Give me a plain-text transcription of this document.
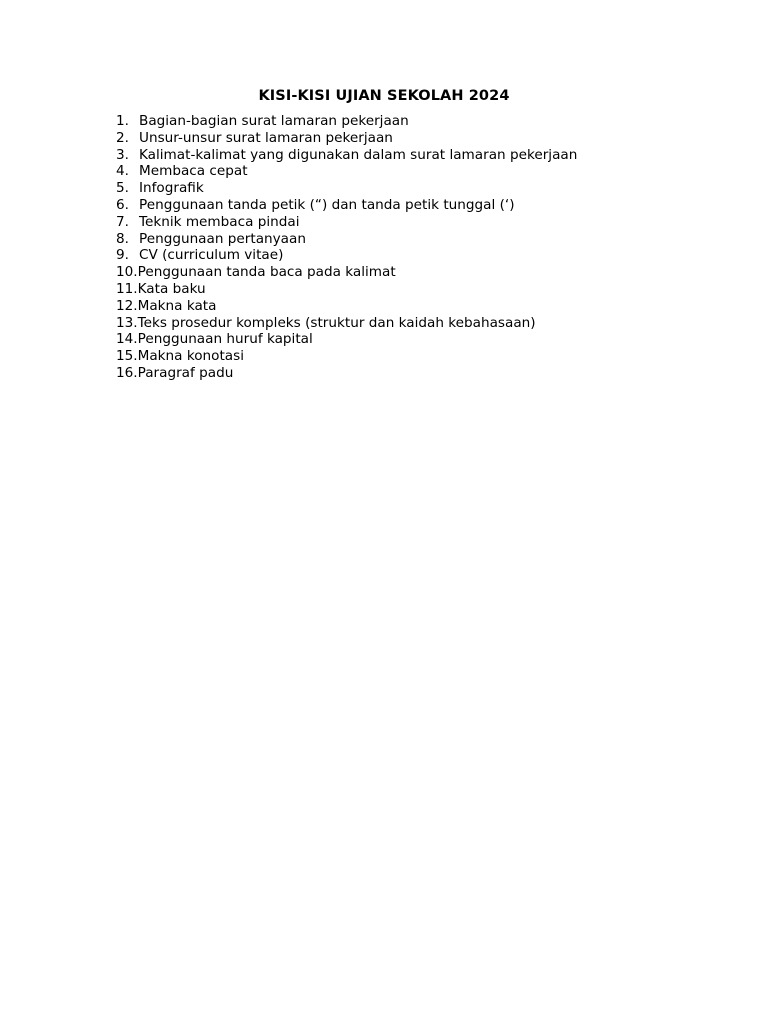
KISI-KISI UJIAN SEKOLAH 2024
1. Bagian-bagian surat lamaran pekerjaan
2. Unsur-unsur surat lamaran pekerjaan
3. Kalimat-kalimat yang digunakan dalam surat lamaran pekerjaan
4. Membaca cepat
5. Infografik
6. Penggunaan tanda petik (“) dan tanda petik tunggal (‘)
7. Teknik membaca pindai
8. Penggunaan pertanyaan
9. CV (curriculum vitae)
10. Penggunaan tanda baca pada kalimat
11. Kata baku
12. Makna kata
13. Teks prosedur kompleks (struktur dan kaidah kebahasaan)
14. Penggunaan huruf kapital
15. Makna konotasi
16. Paragraf padu
